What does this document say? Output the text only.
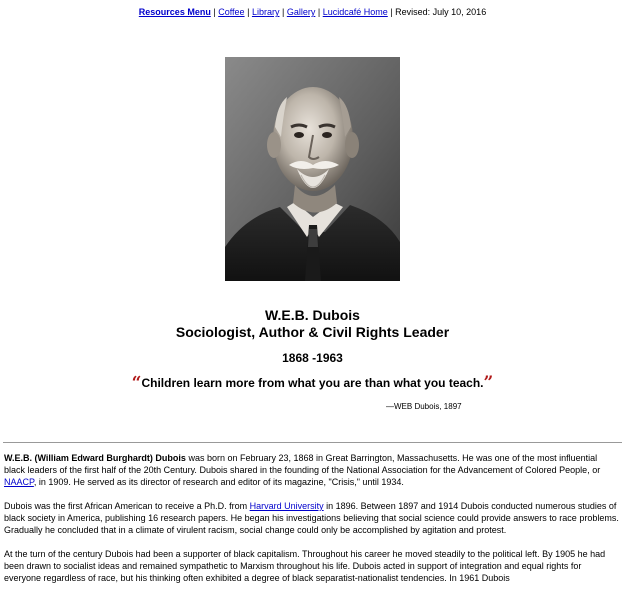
Resources Menu | Coffee | Library | Gallery | Lucidcafé Home | Revised: July 10, 2016
W.E.B. Dubois
Sociologist, Author & Civil Rights Leader
1868 -1963
“Children learn more from what you are than what you teach.”
—WEB Dubois, 1897

W.E.B. (William Edward Burghardt) Dubois was born on February 23, 1868 in Great Barrington, Massachusetts. He was one of the most influential black leaders of the first half of the 20th Century. Dubois shared in the founding of the National Association for the Advancement of Colored People, or NAACP, in 1909. He served as its director of research and editor of its magazine, "Crisis," until 1934.

Dubois was the first African American to receive a Ph.D. from Harvard University in 1896. Between 1897 and 1914 Dubois conducted numerous studies of black society in America, publishing 16 research papers. He began his investigations believing that social science could provide answers to race problems. Gradually he concluded that in a climate of virulent racism, social change could only be accomplished by agitation and protest.

At the turn of the century Dubois had been a supporter of black capitalism. Throughout his career he moved steadily to the political left. By 1905 he had been drawn to socialist ideas and remained sympathetic to Marxism throughout his life. Dubois acted in support of integration and equal rights for everyone regardless of race, but his thinking often exhibited a degree of black separatist-nationalist tendencies. In 1961 Dubois
